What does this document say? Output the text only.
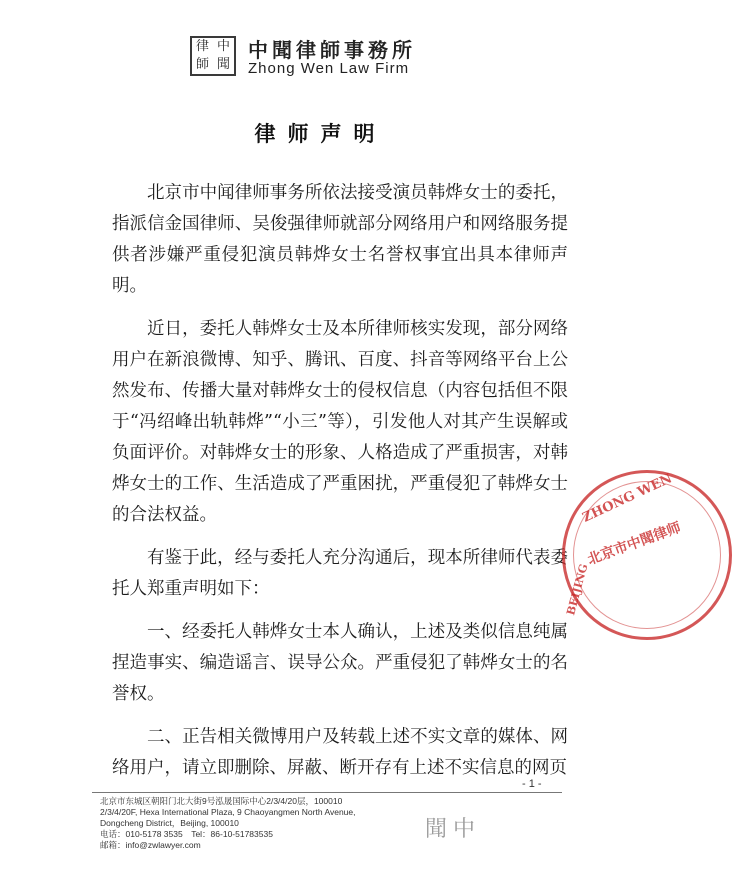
律 中
師 聞
中聞律師事務所
Zhong Wen Law Firm
律师声明

北京市中闻律师事务所依法接受演员韩烨女士的委托，指派信金国律师、吴俊强律师就部分网络用户和网络服务提供者涉嫌严重侵犯演员韩烨女士名誉权事宜出具本律师声明。

近日，委托人韩烨女士及本所律师核实发现，部分网络用户在新浪微博、知乎、腾讯、百度、抖音等网络平台上公然发布、传播大量对韩烨女士的侵权信息（内容包括但不限于“冯绍峰出轨韩烨”“小三”等），引发他人对其产生误解或负面评价。对韩烨女士的形象、人格造成了严重损害，对韩烨女士的工作、生活造成了严重困扰，严重侵犯了韩烨女士的合法权益。

有鉴于此，经与委托人充分沟通后，现本所律师代表委托人郑重声明如下：

一、经委托人韩烨女士本人确认，上述及类似信息纯属捏造事实、编造谣言、误导公众。严重侵犯了韩烨女士的名誉权。

二、正告相关微博用户及转载上述不实文章的媒体、网络用户，请立即删除、屏蔽、断开存有上述不实信息的网页

ZHONG WEN
BEIJING
北京市中聞律师
- 1 -
北京市东城区朝阳门北大街9号泓晟国际中心2/3/4/20层，100010
2/3/4/20F, Hexa International Plaza, 9 Chaoyangmen North Avenue,
Dongcheng District，Beijing, 100010
电话：010-5178 3535　Tel：86-10-51783535
邮箱：info@zwlawyer.com
聞中
